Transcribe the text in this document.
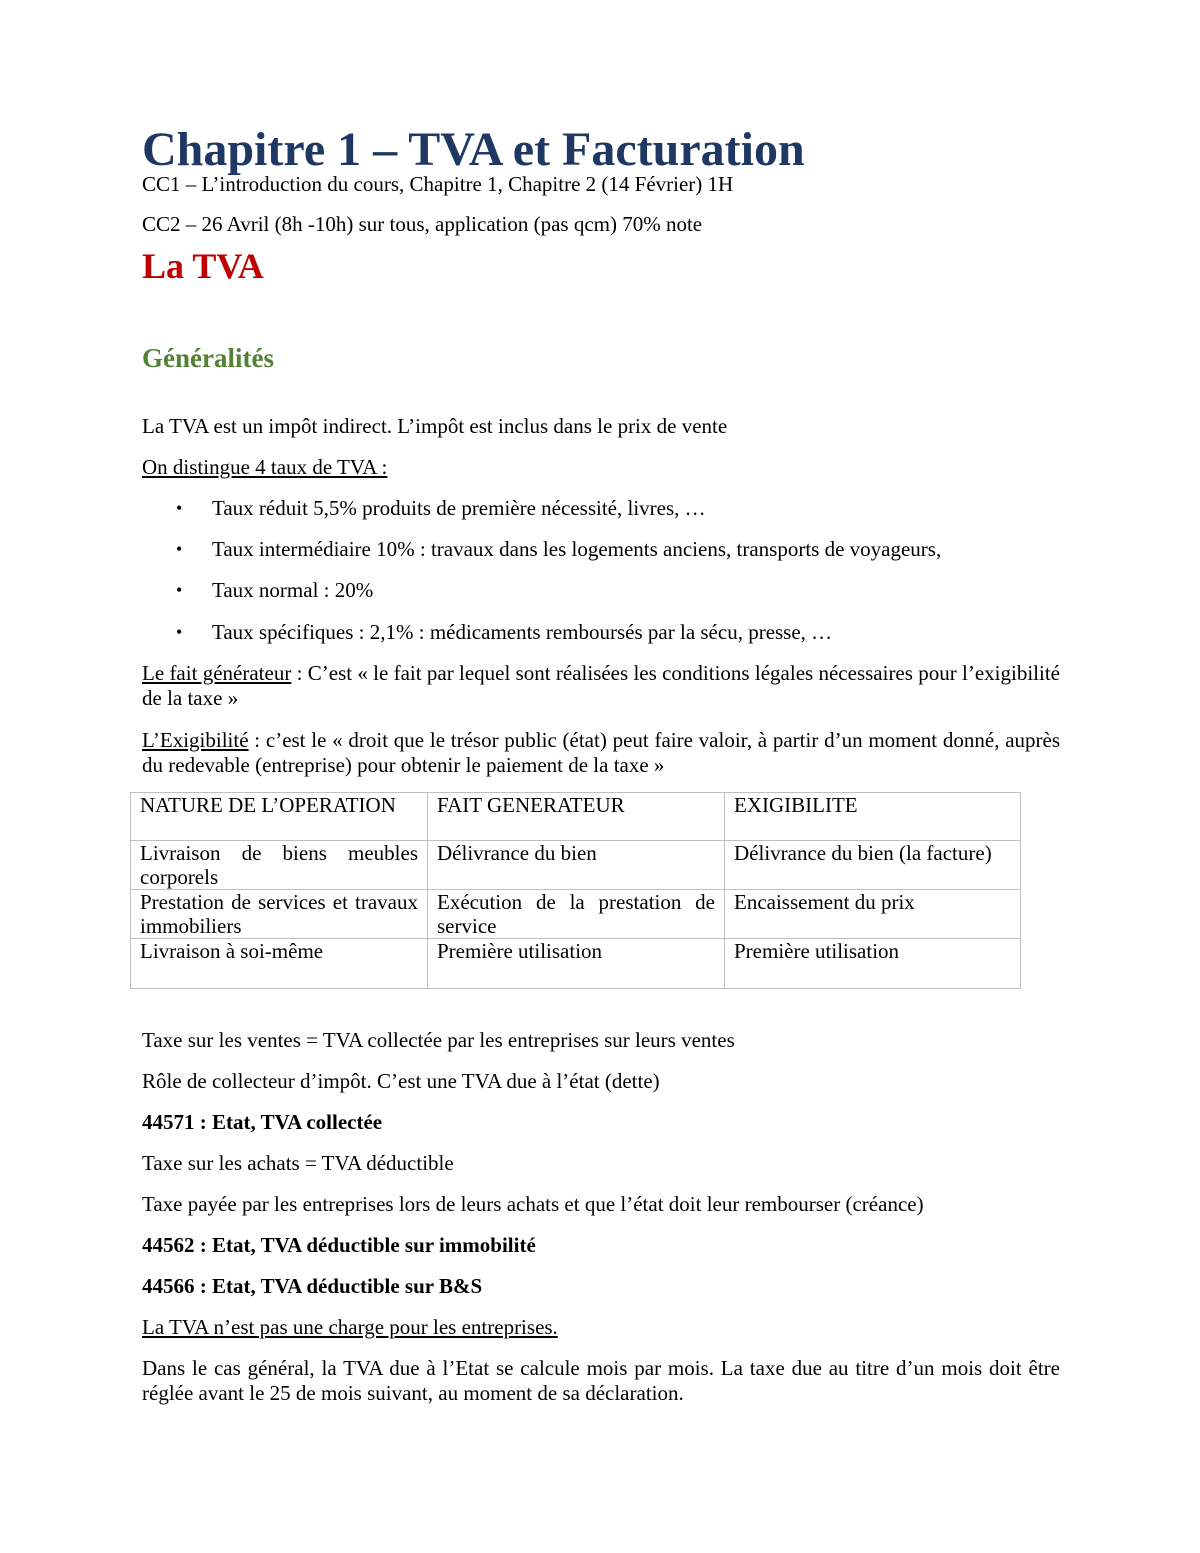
Chapitre 1 – TVA et Facturation
CC1 – L’introduction du cours, Chapitre 1, Chapitre 2 (14 Février) 1H
CC2 – 26 Avril (8h -10h) sur tous, application (pas qcm) 70% note
La TVA
Généralités
La TVA est un impôt indirect. L’impôt est inclus dans le prix de vente
On distingue 4 taux de TVA :
• Taux réduit 5,5% produits de première nécessité, livres, …
• Taux intermédiaire 10% : travaux dans les logements anciens, transports de voyageurs,
• Taux normal : 20%
• Taux spécifiques : 2,1% : médicaments remboursés par la sécu, presse, …
Le fait générateur : C’est « le fait par lequel sont réalisées les conditions légales nécessaires pour l’exigibilité de la taxe »
L’Exigibilité : c’est le « droit que le trésor public (état) peut faire valoir, à partir d’un moment donné, auprès du redevable (entreprise) pour obtenir le paiement de la taxe »
NATURE DE L’OPERATION	FAIT GENERATEUR	EXIGIBILITE
Livraison de biens meubles corporels	Délivrance du bien	Délivrance du bien (la facture)
Prestation de services et travaux immobiliers	Exécution de la prestation de service	Encaissement du prix
Livraison à soi-même	Première utilisation	Première utilisation
Taxe sur les ventes = TVA collectée par les entreprises sur leurs ventes
Rôle de collecteur d’impôt. C’est une TVA due à l’état (dette)
44571 : Etat, TVA collectée
Taxe sur les achats = TVA déductible
Taxe payée par les entreprises lors de leurs achats et que l’état doit leur rembourser (créance)
44562 : Etat, TVA déductible sur immobilité
44566 : Etat, TVA déductible sur B&S
La TVA n’est pas une charge pour les entreprises.
Dans le cas général, la TVA due à l’Etat se calcule mois par mois. La taxe due au titre d’un mois doit être réglée avant le 25 de mois suivant, au moment de sa déclaration.
